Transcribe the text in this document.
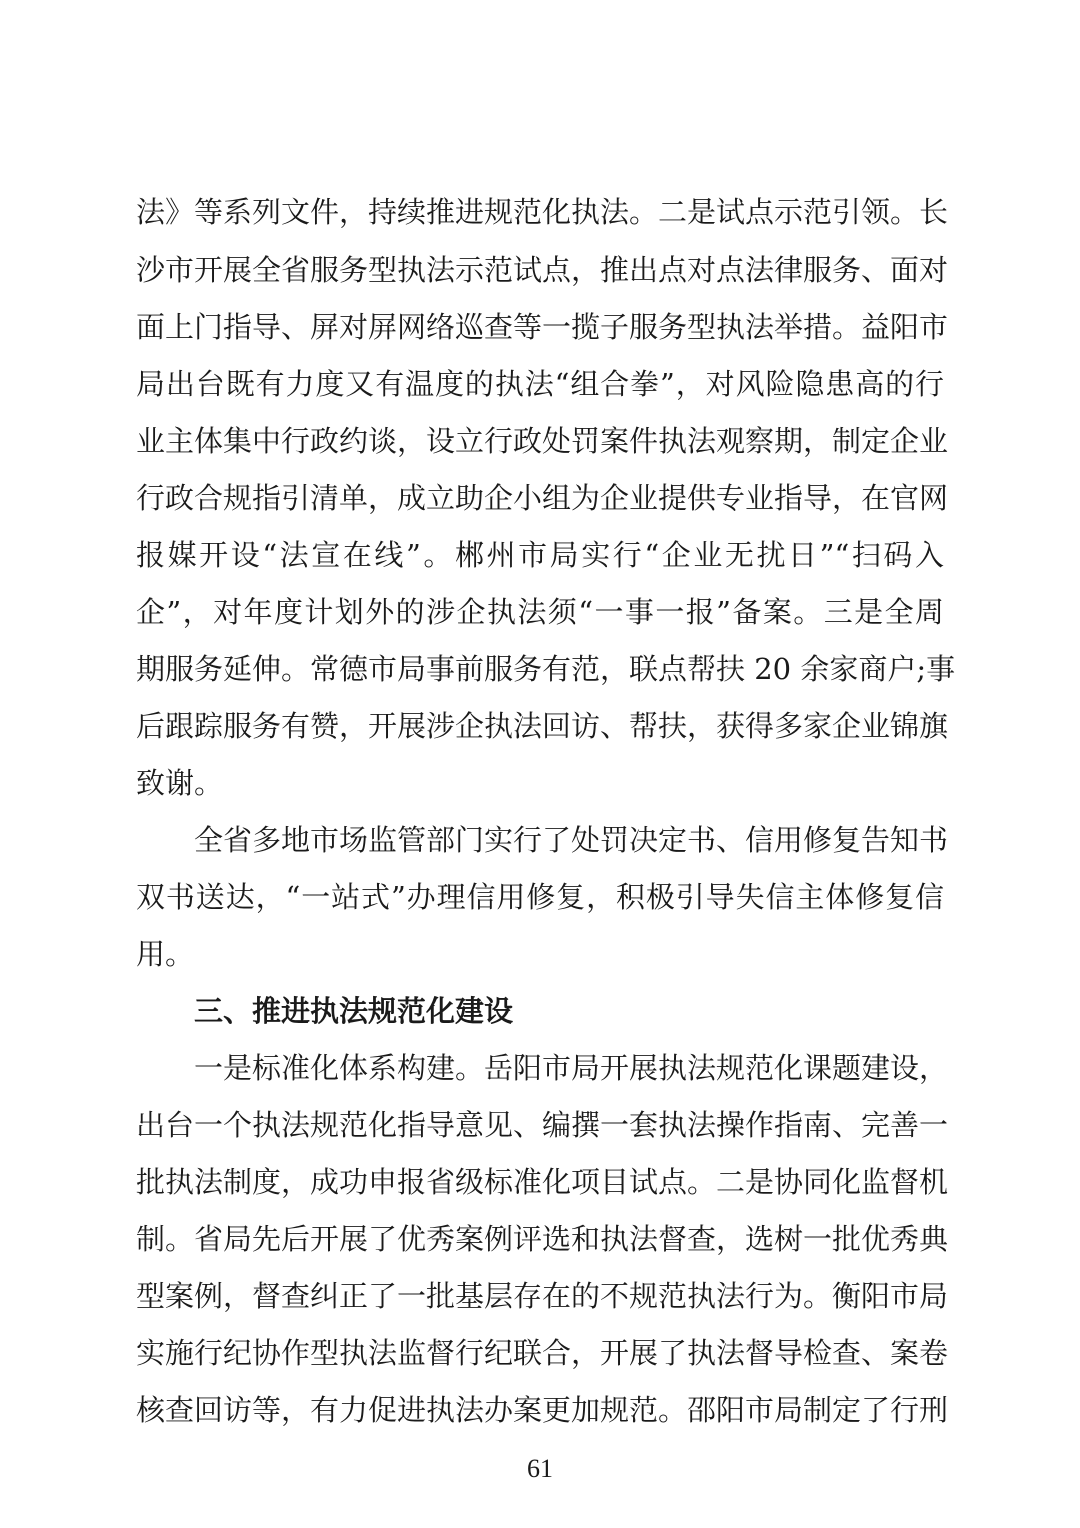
法》等系列文件，持续推进规范化执法。二是试点示范引领。长
沙市开展全省服务型执法示范试点，推出点对点法律服务、面对
面上门指导、屏对屏网络巡查等一揽子服务型执法举措。益阳市
局出台既有力度又有温度的执法“组合拳”，对风险隐患高的行
业主体集中行政约谈，设立行政处罚案件执法观察期，制定企业
行政合规指引清单，成立助企小组为企业提供专业指导，在官网
报媒开设“法宣在线”。郴州市局实行“企业无扰日”“扫码入
企”，对年度计划外的涉企执法须“一事一报”备案。三是全周
期服务延伸。常德市局事前服务有范，联点帮扶 20 余家商户;事
后跟踪服务有赞，开展涉企执法回访、帮扶，获得多家企业锦旗
致谢。
全省多地市场监管部门实行了处罚决定书、信用修复告知书
双书送达，“一站式”办理信用修复，积极引导失信主体修复信
用。
三、推进执法规范化建设
一是标准化体系构建。岳阳市局开展执法规范化课题建设，
出台一个执法规范化指导意见、编撰一套执法操作指南、完善一
批执法制度，成功申报省级标准化项目试点。二是协同化监督机
制。省局先后开展了优秀案例评选和执法督查，选树一批优秀典
型案例，督查纠正了一批基层存在的不规范执法行为。衡阳市局
实施行纪协作型执法监督行纪联合，开展了执法督导检查、案卷
核查回访等，有力促进执法办案更加规范。邵阳市局制定了行刑
61
